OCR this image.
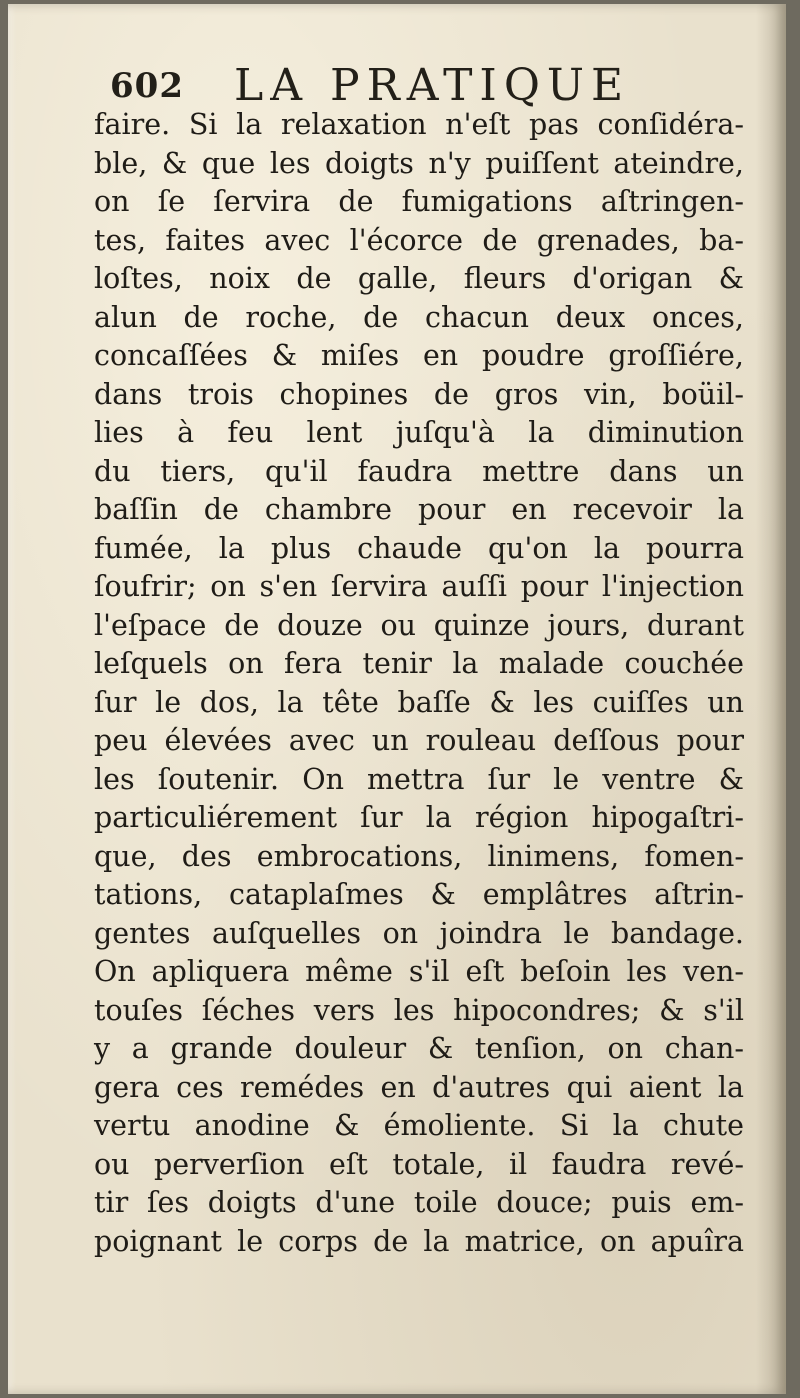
602 LA PRATIQUE
faire. Si la relaxation n'eſt pas conſidéra-
ble, & que les doigts n'y puiſſent ateindre,
on ſe ſervira de fumigations aſtringen-
tes, faites avec l'écorce de grenades, ba-
loſtes, noix de galle, fleurs d'origan &
alun de roche, de chacun deux onces,
concaſſées & miſes en poudre groſſiére,
dans trois chopines de gros vin, boüil-
lies à feu lent juſqu'à la diminution
du tiers, qu'il faudra mettre dans un
baſſin de chambre pour en recevoir la
fumée, la plus chaude qu'on la pourra
ſoufrir; on s'en ſervira auſſi pour l'injection
l'eſpace de douze ou quinze jours, durant
leſquels on fera tenir la malade couchée
ſur le dos, la tête baſſe & les cuiſſes un
peu élevées avec un rouleau deſſous pour
les ſoutenir. On mettra ſur le ventre &
particuliérement ſur la région hipogaſtri-
que, des embrocations, linimens, fomen-
tations, cataplaſmes & emplâtres aſtrin-
gentes auſquelles on joindra le bandage.
On apliquera même s'il eſt beſoin les ven-
touſes ſéches vers les hipocondres; & s'il
y a grande douleur & tenſion, on chan-
gera ces remédes en d'autres qui aient la
vertu anodine & émoliente. Si la chute
ou perverſion eſt totale, il faudra revé-
tir ſes doigts d'une toile douce; puis em-
poignant le corps de la matrice, on apuîra
